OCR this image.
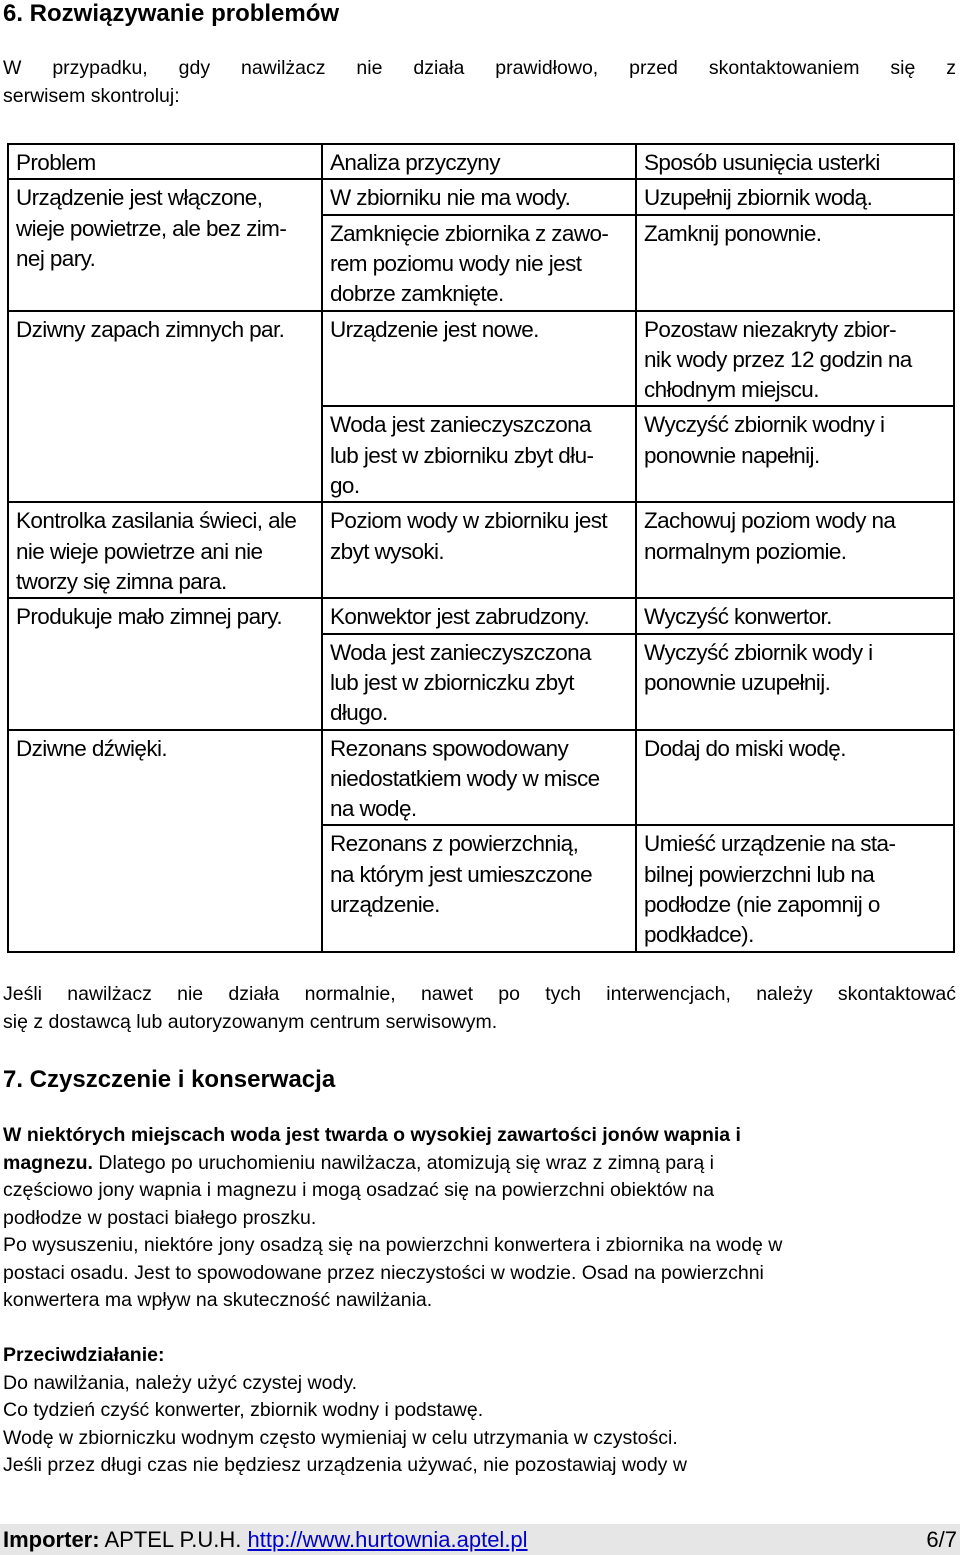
6. Rozwiązywanie problemów
W przypadku, gdy nawilżacz nie działa prawidłowo, przed skontaktowaniem się z
serwisem skontroluj:
Problem	Analiza przyczyny	Sposób usunięcia usterki

Urządzenie jest włączone,
wieje powietrze, ale bez zim-
nej pary.	W zbiorniku nie ma wody.	Uzupełnij zbiornik wodą.

	Zamknięcie zbiornika z zawo-
rem poziomu wody nie jest
dobrze zamknięte.	Zamknij ponownie.

Dziwny zapach zimnych par.	Urządzenie jest nowe.	Pozostaw niezakryty zbior-
nik wody przez 12 godzin na
chłodnym miejscu.

	Woda jest zanieczyszczona
lub jest w zbiorniku zbyt dłu-
go.	Wyczyść zbiornik wodny i
ponownie napełnij.

Kontrolka zasilania świeci, ale
nie wieje powietrze ani nie
tworzy się zimna para.	Poziom wody w zbiorniku jest
zbyt wysoki.	Zachowuj poziom wody na
normalnym poziomie.

Produkuje mało zimnej pary.	Konwektor jest zabrudzony.	Wyczyść konwertor.

	Woda jest zanieczyszczona
lub jest w zbiorniczku zbyt
długo.	Wyczyść zbiornik wody i
ponownie uzupełnij.

Dziwne dźwięki.	Rezonans spowodowany
niedostatkiem wody w misce
na wodę.	Dodaj do miski wodę.

	Rezonans z powierzchnią,
na którym jest umieszczone
urządzenie.	Umieść urządzenie na sta-
bilnej powierzchni lub na
podłodze (nie zapomnij o
podkładce).
Jeśli nawilżacz nie działa normalnie, nawet po tych interwencjach, należy skontaktować
się z dostawcą lub autoryzowanym centrum serwisowym.
7. Czyszczenie i konserwacja
W niektórych miejscach woda jest twarda o wysokiej zawartości jonów wapnia i
magnezu. Dlatego po uruchomieniu nawilżacza, atomizują się wraz z zimną parą i
częściowo jony wapnia i magnezu i mogą osadzać się na powierzchni obiektów na
podłodze w postaci białego proszku.
Po wysuszeniu, niektóre jony osadzą się na powierzchni konwertera i zbiornika na wodę w
postaci osadu. Jest to spowodowane przez nieczystości w wodzie. Osad na powierzchni
konwertera ma wpływ na skuteczność nawilżania.
Przeciwdziałanie:
Do nawilżania, należy użyć czystej wody.
Co tydzień czyść konwerter, zbiornik wodny i podstawę.
Wodę w zbiorniczku wodnym często wymieniaj w celu utrzymania w czystości.
Jeśli przez długi czas nie będziesz urządzenia używać, nie pozostawiaj wody w
Importer: APTEL P.U.H. http://www.hurtownia.aptel.pl	6/7
